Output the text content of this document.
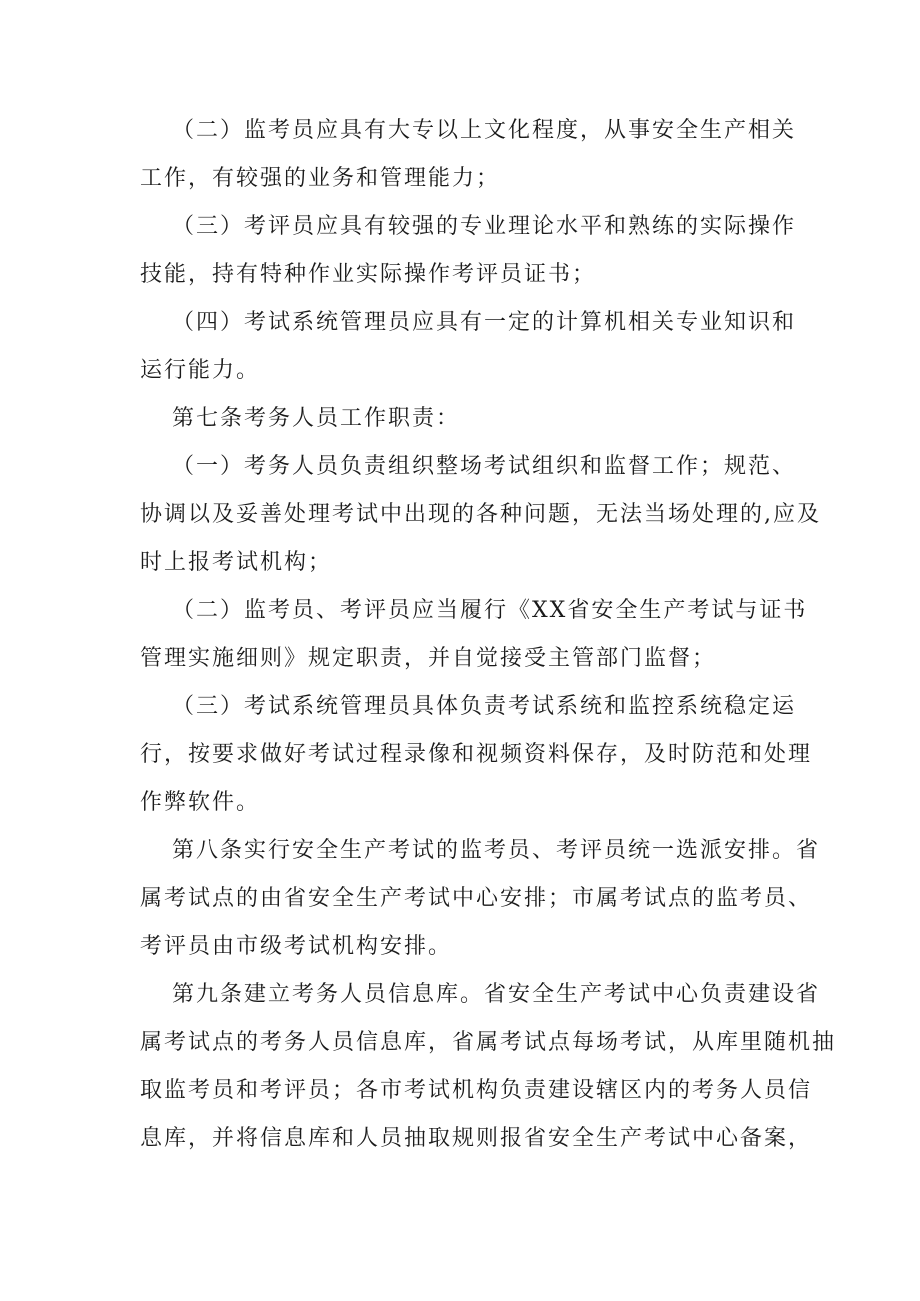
（二）监考员应具有大专以上文化程度，从事安全生产相关
工作，有较强的业务和管理能力；
（三）考评员应具有较强的专业理论水平和熟练的实际操作
技能，持有特种作业实际操作考评员证书；
（四）考试系统管理员应具有一定的计算机相关专业知识和
运行能力。
第七条考务人员工作职责：
（一）考务人员负责组织整场考试组织和监督工作；规范、
协调以及妥善处理考试中出现的各种问题，无法当场处理的,应及
时上报考试机构；
（二）监考员、考评员应当履行《XX省安全生产考试与证书
管理实施细则》规定职责，并自觉接受主管部门监督；
（三）考试系统管理员具体负责考试系统和监控系统稳定运
行，按要求做好考试过程录像和视频资料保存，及时防范和处理
作弊软件。
第八条实行安全生产考试的监考员、考评员统一选派安排。省
属考试点的由省安全生产考试中心安排；市属考试点的监考员、
考评员由市级考试机构安排。
第九条建立考务人员信息库。省安全生产考试中心负责建设省
属考试点的考务人员信息库，省属考试点每场考试，从库里随机抽
取监考员和考评员；各市考试机构负责建设辖区内的考务人员信
息库，并将信息库和人员抽取规则报省安全生产考试中心备案，
